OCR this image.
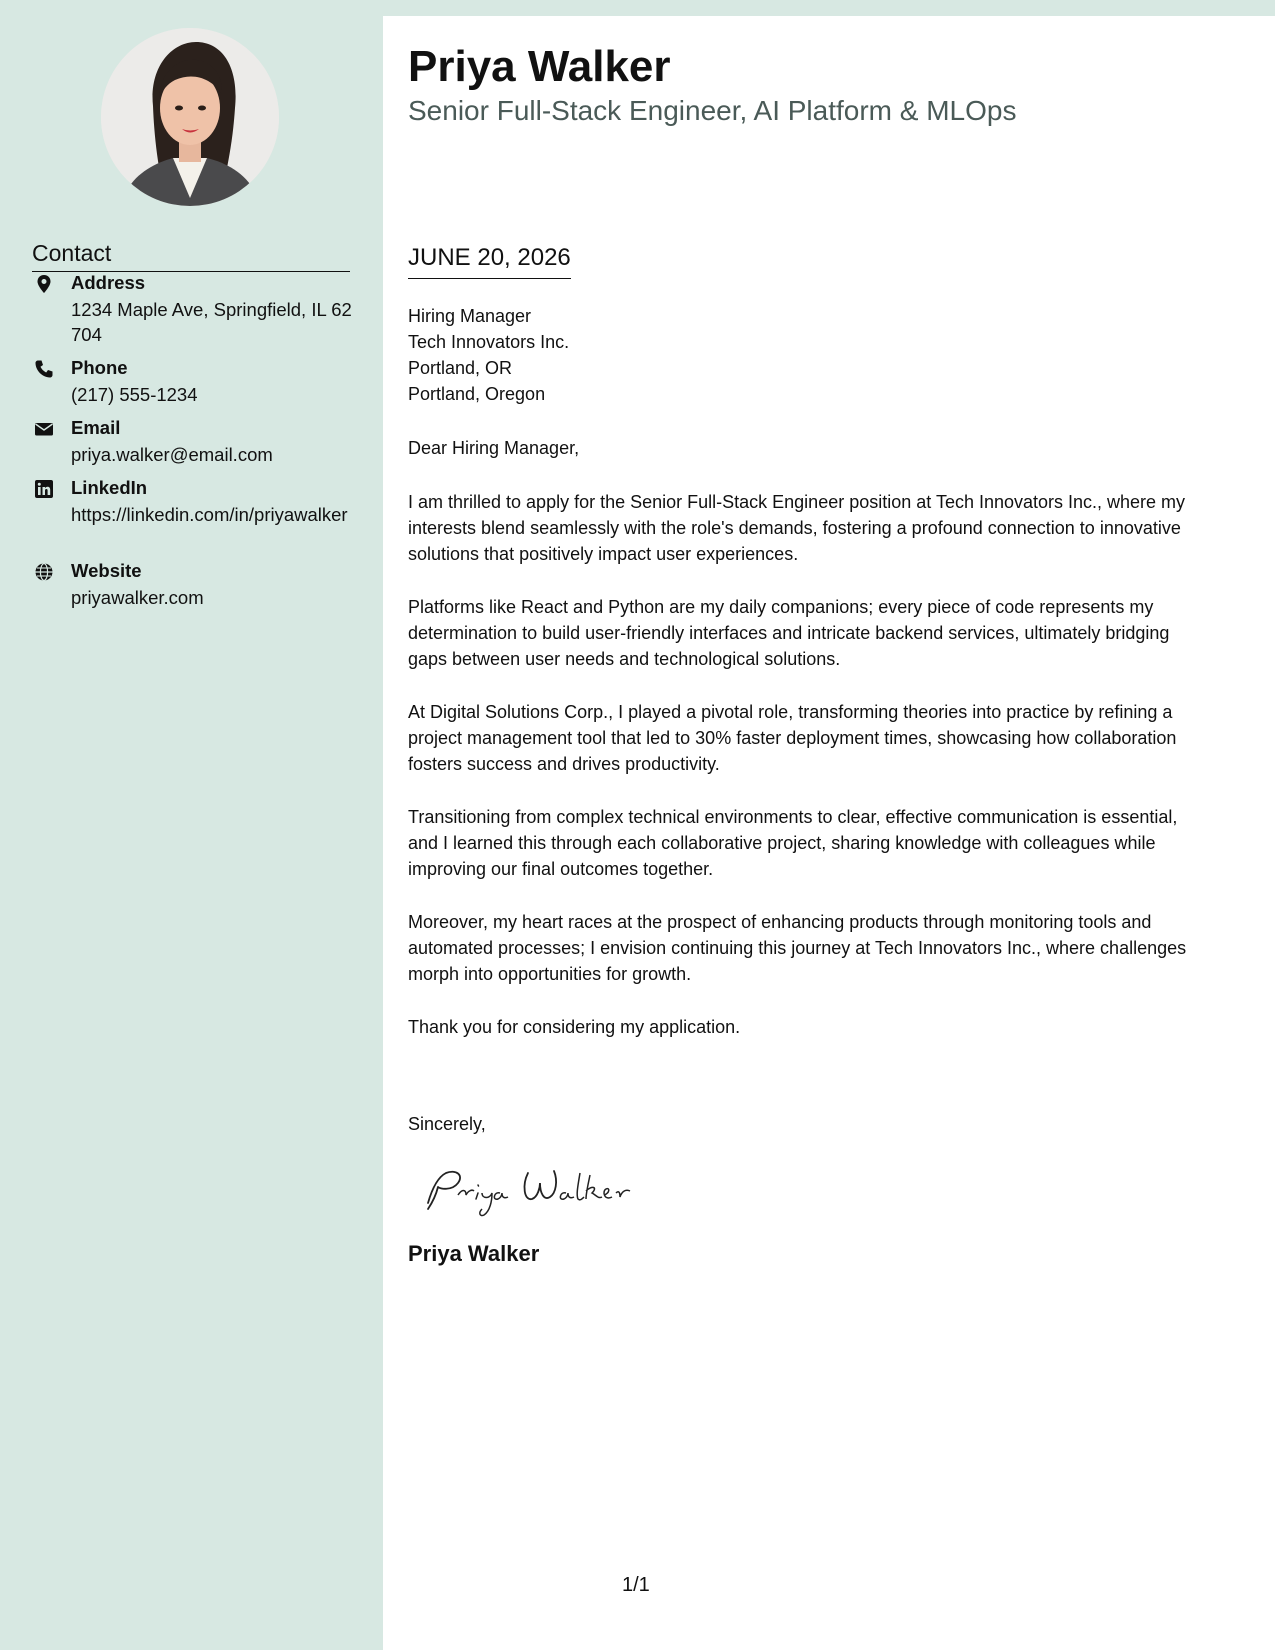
Contact
Address
1234 Maple Ave, Springfield, IL 62704
Phone
(217) 555-1234
Email
priya.walker@email.com
LinkedIn
https://linkedin.com/in/priyawalker
Website
priyawalker.com
Priya Walker
Senior Full-Stack Engineer, AI Platform & MLOps
JUNE 20, 2026
Hiring Manager
Tech Innovators Inc.
Portland, OR
Portland, Oregon
Dear Hiring Manager,

I am thrilled to apply for the Senior Full-Stack Engineer position at Tech Innovators Inc., where my interests blend seamlessly with the role's demands, fostering a profound connection to innovative solutions that positively impact user experiences.

Platforms like React and Python are my daily companions; every piece of code represents my determination to build user-friendly interfaces and intricate backend services, ultimately bridging gaps between user needs and technological solutions.

At Digital Solutions Corp., I played a pivotal role, transforming theories into practice by refining a project management tool that led to 30% faster deployment times, showcasing how collaboration fosters success and drives productivity.

Transitioning from complex technical environments to clear, effective communication is essential, and I learned this through each collaborative project, sharing knowledge with colleagues while improving our final outcomes together.

Moreover, my heart races at the prospect of enhancing products through monitoring tools and automated processes; I envision continuing this journey at Tech Innovators Inc., where challenges morph into opportunities for growth.

Thank you for considering my application.

Sincerely,
Priya Walker
1/1
